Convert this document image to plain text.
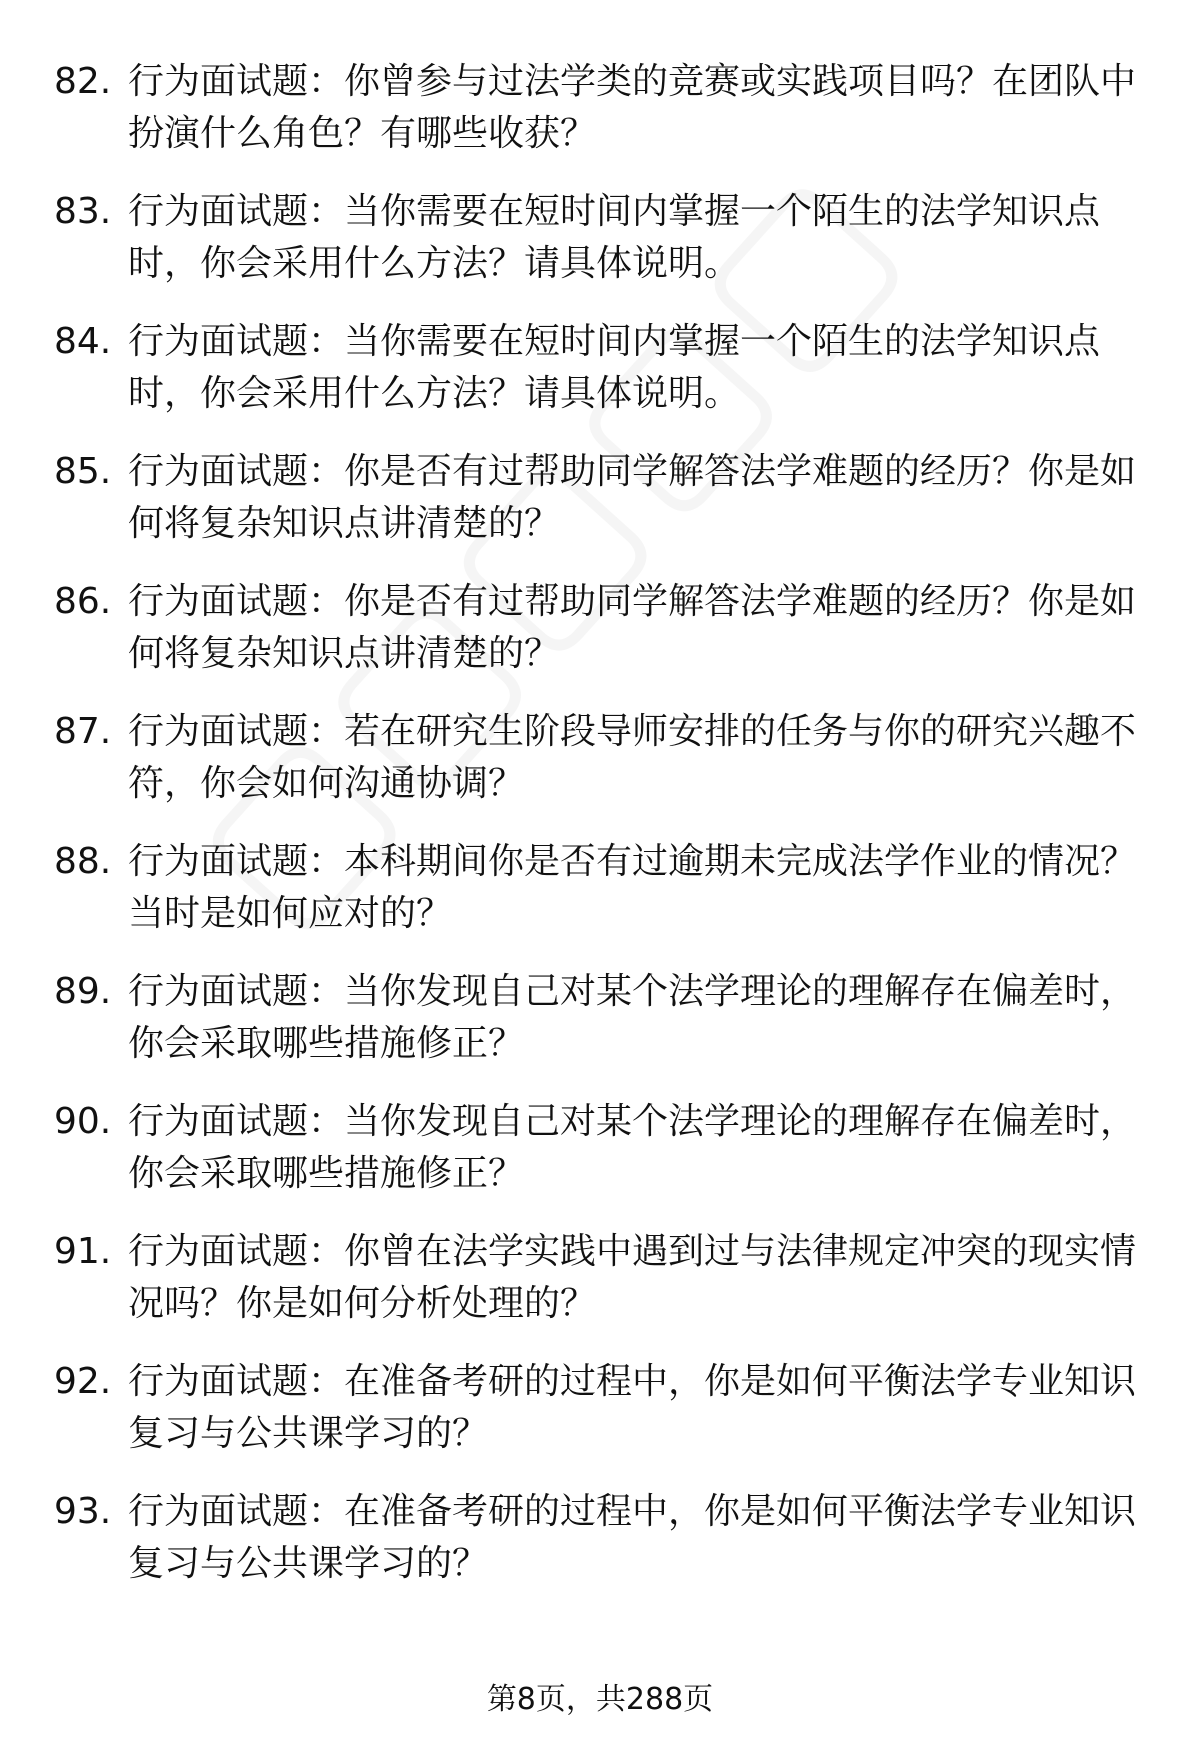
82. 行为面试题：你曾参与过法学类的竞赛或实践项目吗？在团队中扮演什么角色？有哪些收获？
83. 行为面试题：当你需要在短时间内掌握一个陌生的法学知识点时，你会采用什么方法？请具体说明。
84. 行为面试题：当你需要在短时间内掌握一个陌生的法学知识点时，你会采用什么方法？请具体说明。
85. 行为面试题：你是否有过帮助同学解答法学难题的经历？你是如何将复杂知识点讲清楚的？
86. 行为面试题：你是否有过帮助同学解答法学难题的经历？你是如何将复杂知识点讲清楚的？
87. 行为面试题：若在研究生阶段导师安排的任务与你的研究兴趣不符，你会如何沟通协调？
88. 行为面试题：本科期间你是否有过逾期未完成法学作业的情况？当时是如何应对的？
89. 行为面试题：当你发现自己对某个法学理论的理解存在偏差时，你会采取哪些措施修正？
90. 行为面试题：当你发现自己对某个法学理论的理解存在偏差时，你会采取哪些措施修正？
91. 行为面试题：你曾在法学实践中遇到过与法律规定冲突的现实情况吗？你是如何分析处理的？
92. 行为面试题：在准备考研的过程中，你是如何平衡法学专业知识复习与公共课学习的？
93. 行为面试题：在准备考研的过程中，你是如何平衡法学专业知识复习与公共课学习的？
第8页，共288页
